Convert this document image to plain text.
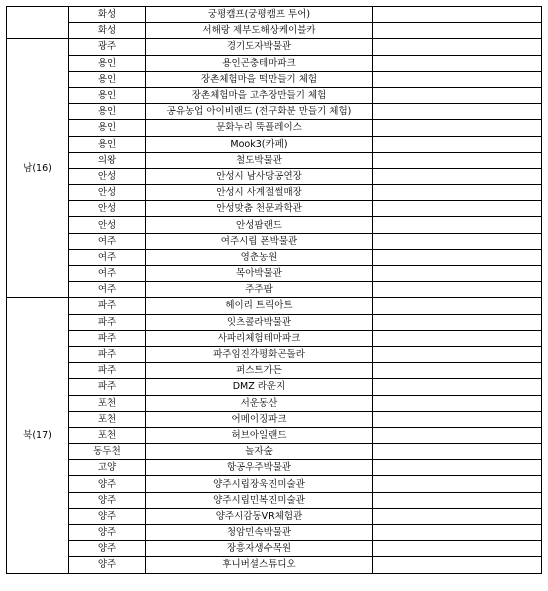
	화성	궁평캠프(궁평캠프 투어)	
	화성	서해랑 제부도해상케이블카	
남(16)	광주	경기도자박물관	
	용인	용인곤충테마파크	
	용인	장촌체험마을 떡만들기 체험	
	용인	장촌체험마을 고추장만들기 체험	
	용인	공유농업 아이비랜드 (전구화분 만들기 체험)	
	용인	문화누리 뚝플레이스	
	용인	Mook3(카페)	
	의왕	철도박물관	
	안성	안성시 남사당공연장	
	안성	안성시 사계절썰매장	
	안성	안성맞춤 천문과학관	
	안성	안성팜랜드	
	여주	여주시립 폰박물관	
	여주	영춘농원	
	여주	목아박물관	
	여주	주주팜	
북(17)	파주	헤이리 트릭아트	
	파주	잇츠콜라박물관	
	파주	사파리체험테마파크	
	파주	파주임진각평화곤돌라	
	파주	퍼스트가든	
	파주	DMZ 라운지	
	포천	서운동산	
	포천	어메이징파크	
	포천	허브아일랜드	
	동두천	놀자숲	
	고양	항공우주박물관	
	양주	양주시립장욱진미술관	
	양주	양주시립민복진미술관	
	양주	양주시감동VR체험관	
	양주	청암민속박물관	
	양주	장흥자생수목원	
	양주	후니버셜스튜디오	
